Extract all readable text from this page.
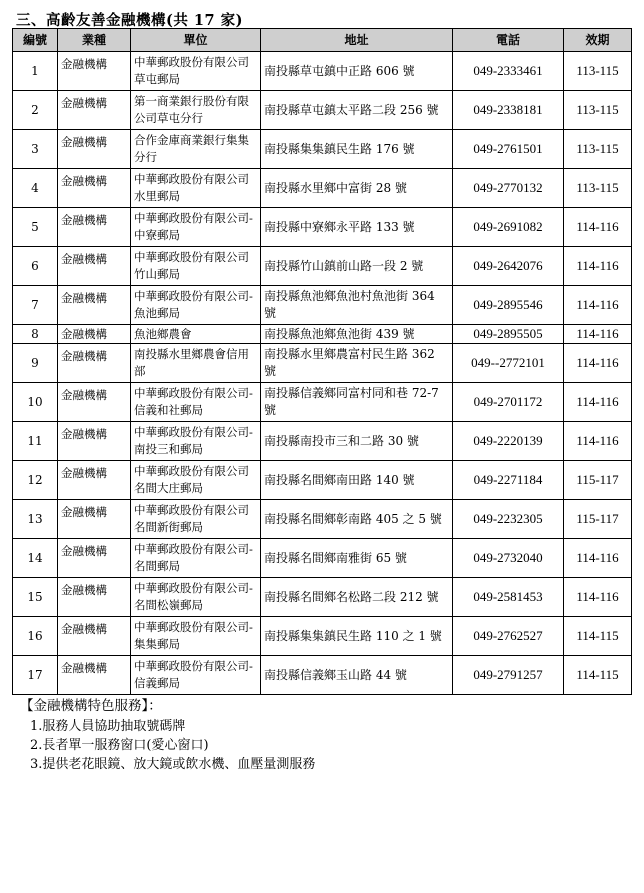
三、高齡友善金融機構(共 17 家)
編號	業種	單位	地址	電話	效期
1	金融機構	中華郵政股份有限公司草屯郵局	南投縣草屯鎮中正路 606 號	049-2333461	113-115
2	金融機構	第一商業銀行股份有限公司草屯分行	南投縣草屯鎮太平路二段 256 號	049-2338181	113-115
3	金融機構	合作金庫商業銀行集集分行	南投縣集集鎮民生路 176 號	049-2761501	113-115
4	金融機構	中華郵政股份有限公司水里郵局	南投縣水里鄉中富街 28 號	049-2770132	113-115
5	金融機構	中華郵政股份有限公司-中寮郵局	南投縣中寮鄉永平路 133 號	049-2691082	114-116
6	金融機構	中華郵政股份有限公司竹山郵局	南投縣竹山鎮前山路一段 2 號	049-2642076	114-116
7	金融機構	中華郵政股份有限公司-魚池郵局	南投縣魚池鄉魚池村魚池街 364 號	049-2895546	114-116
8	金融機構	魚池鄉農會	南投縣魚池鄉魚池街 439 號	049-2895505	114-116
9	金融機構	南投縣水里鄉農會信用部	南投縣水里鄉農富村民生路 362 號	049--2772101	114-116
10	金融機構	中華郵政股份有限公司-信義和社郵局	南投縣信義鄉同富村同和巷 72-7 號	049-2701172	114-116
11	金融機構	中華郵政股份有限公司-南投三和郵局	南投縣南投市三和二路 30 號	049-2220139	114-116
12	金融機構	中華郵政股份有限公司名間大庄郵局	南投縣名間鄉南田路 140 號	049-2271184	115-117
13	金融機構	中華郵政股份有限公司名間新街郵局	南投縣名間鄉彰南路 405 之 5 號	049-2232305	115-117
14	金融機構	中華郵政股份有限公司-名間郵局	南投縣名間鄉南雅街 65 號	049-2732040	114-116
15	金融機構	中華郵政股份有限公司-名間松嶺郵局	南投縣名間鄉名松路二段 212 號	049-2581453	114-116
16	金融機構	中華郵政股份有限公司-集集郵局	南投縣集集鎮民生路 110 之 1 號	049-2762527	114-115
17	金融機構	中華郵政股份有限公司-信義郵局	南投縣信義鄉玉山路 44 號	049-2791257	114-115
【金融機構特色服務】：
1.服務人員協助抽取號碼牌
2.長者單一服務窗口(愛心窗口)
3.提供老花眼鏡、放大鏡或飲水機、血壓量測服務
